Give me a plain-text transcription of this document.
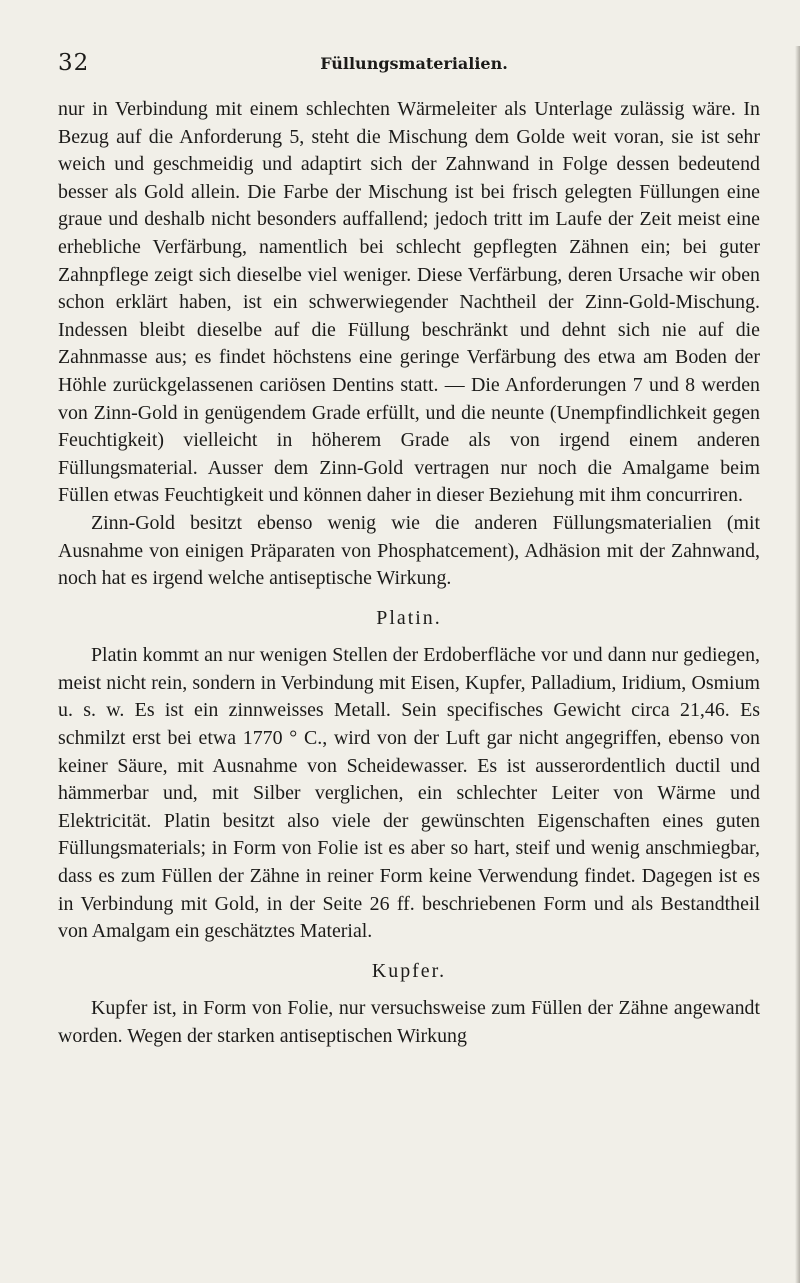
32	Füllungsmaterialien.

nur in Verbindung mit einem schlechten Wärmeleiter als Unterlage zulässig wäre. In Bezug auf die Anforderung 5, steht die Mischung dem Golde weit voran, sie ist sehr weich und geschmeidig und adaptirt sich der Zahnwand in Folge dessen bedeutend besser als Gold allein. Die Farbe der Mischung ist bei frisch gelegten Füllungen eine graue und deshalb nicht besonders auffallend; jedoch tritt im Laufe der Zeit meist eine erhebliche Verfärbung, namentlich bei schlecht gepflegten Zähnen ein; bei guter Zahnpflege zeigt sich dieselbe viel weniger. Diese Verfärbung, deren Ursache wir oben schon erklärt haben, ist ein schwerwiegender Nachtheil der Zinn-Gold-Mischung. Indessen bleibt dieselbe auf die Füllung beschränkt und dehnt sich nie auf die Zahnmasse aus; es findet höchstens eine geringe Verfärbung des etwa am Boden der Höhle zurückgelassenen cariösen Dentins statt. — Die Anforderungen 7 und 8 werden von Zinn-Gold in genügendem Grade erfüllt, und die neunte (Unempfindlichkeit gegen Feuchtigkeit) vielleicht in höherem Grade als von irgend einem anderen Füllungsmaterial. Ausser dem Zinn-Gold vertragen nur noch die Amalgame beim Füllen etwas Feuchtigkeit und können daher in dieser Beziehung mit ihm concurriren.

Zinn-Gold besitzt ebenso wenig wie die anderen Füllungsmaterialien (mit Ausnahme von einigen Präparaten von Phosphatcement), Adhäsion mit der Zahnwand, noch hat es irgend welche antiseptische Wirkung.

Platin.

Platin kommt an nur wenigen Stellen der Erdoberfläche vor und dann nur gediegen, meist nicht rein, sondern in Verbindung mit Eisen, Kupfer, Palladium, Iridium, Osmium u. s. w. Es ist ein zinnweisses Metall. Sein specifisches Gewicht circa 21,46. Es schmilzt erst bei etwa 1770 ° C., wird von der Luft gar nicht angegriffen, ebenso von keiner Säure, mit Ausnahme von Scheidewasser. Es ist ausserordentlich ductil und hämmerbar und, mit Silber verglichen, ein schlechter Leiter von Wärme und Elektricität. Platin besitzt also viele der gewünschten Eigenschaften eines guten Füllungsmaterials; in Form von Folie ist es aber so hart, steif und wenig anschmiegbar, dass es zum Füllen der Zähne in reiner Form keine Verwendung findet. Dagegen ist es in Verbindung mit Gold, in der Seite 26 ff. beschriebenen Form und als Bestandtheil von Amalgam ein geschätztes Material.

Kupfer.

Kupfer ist, in Form von Folie, nur versuchsweise zum Füllen der Zähne angewandt worden. Wegen der starken antiseptischen Wirkung
